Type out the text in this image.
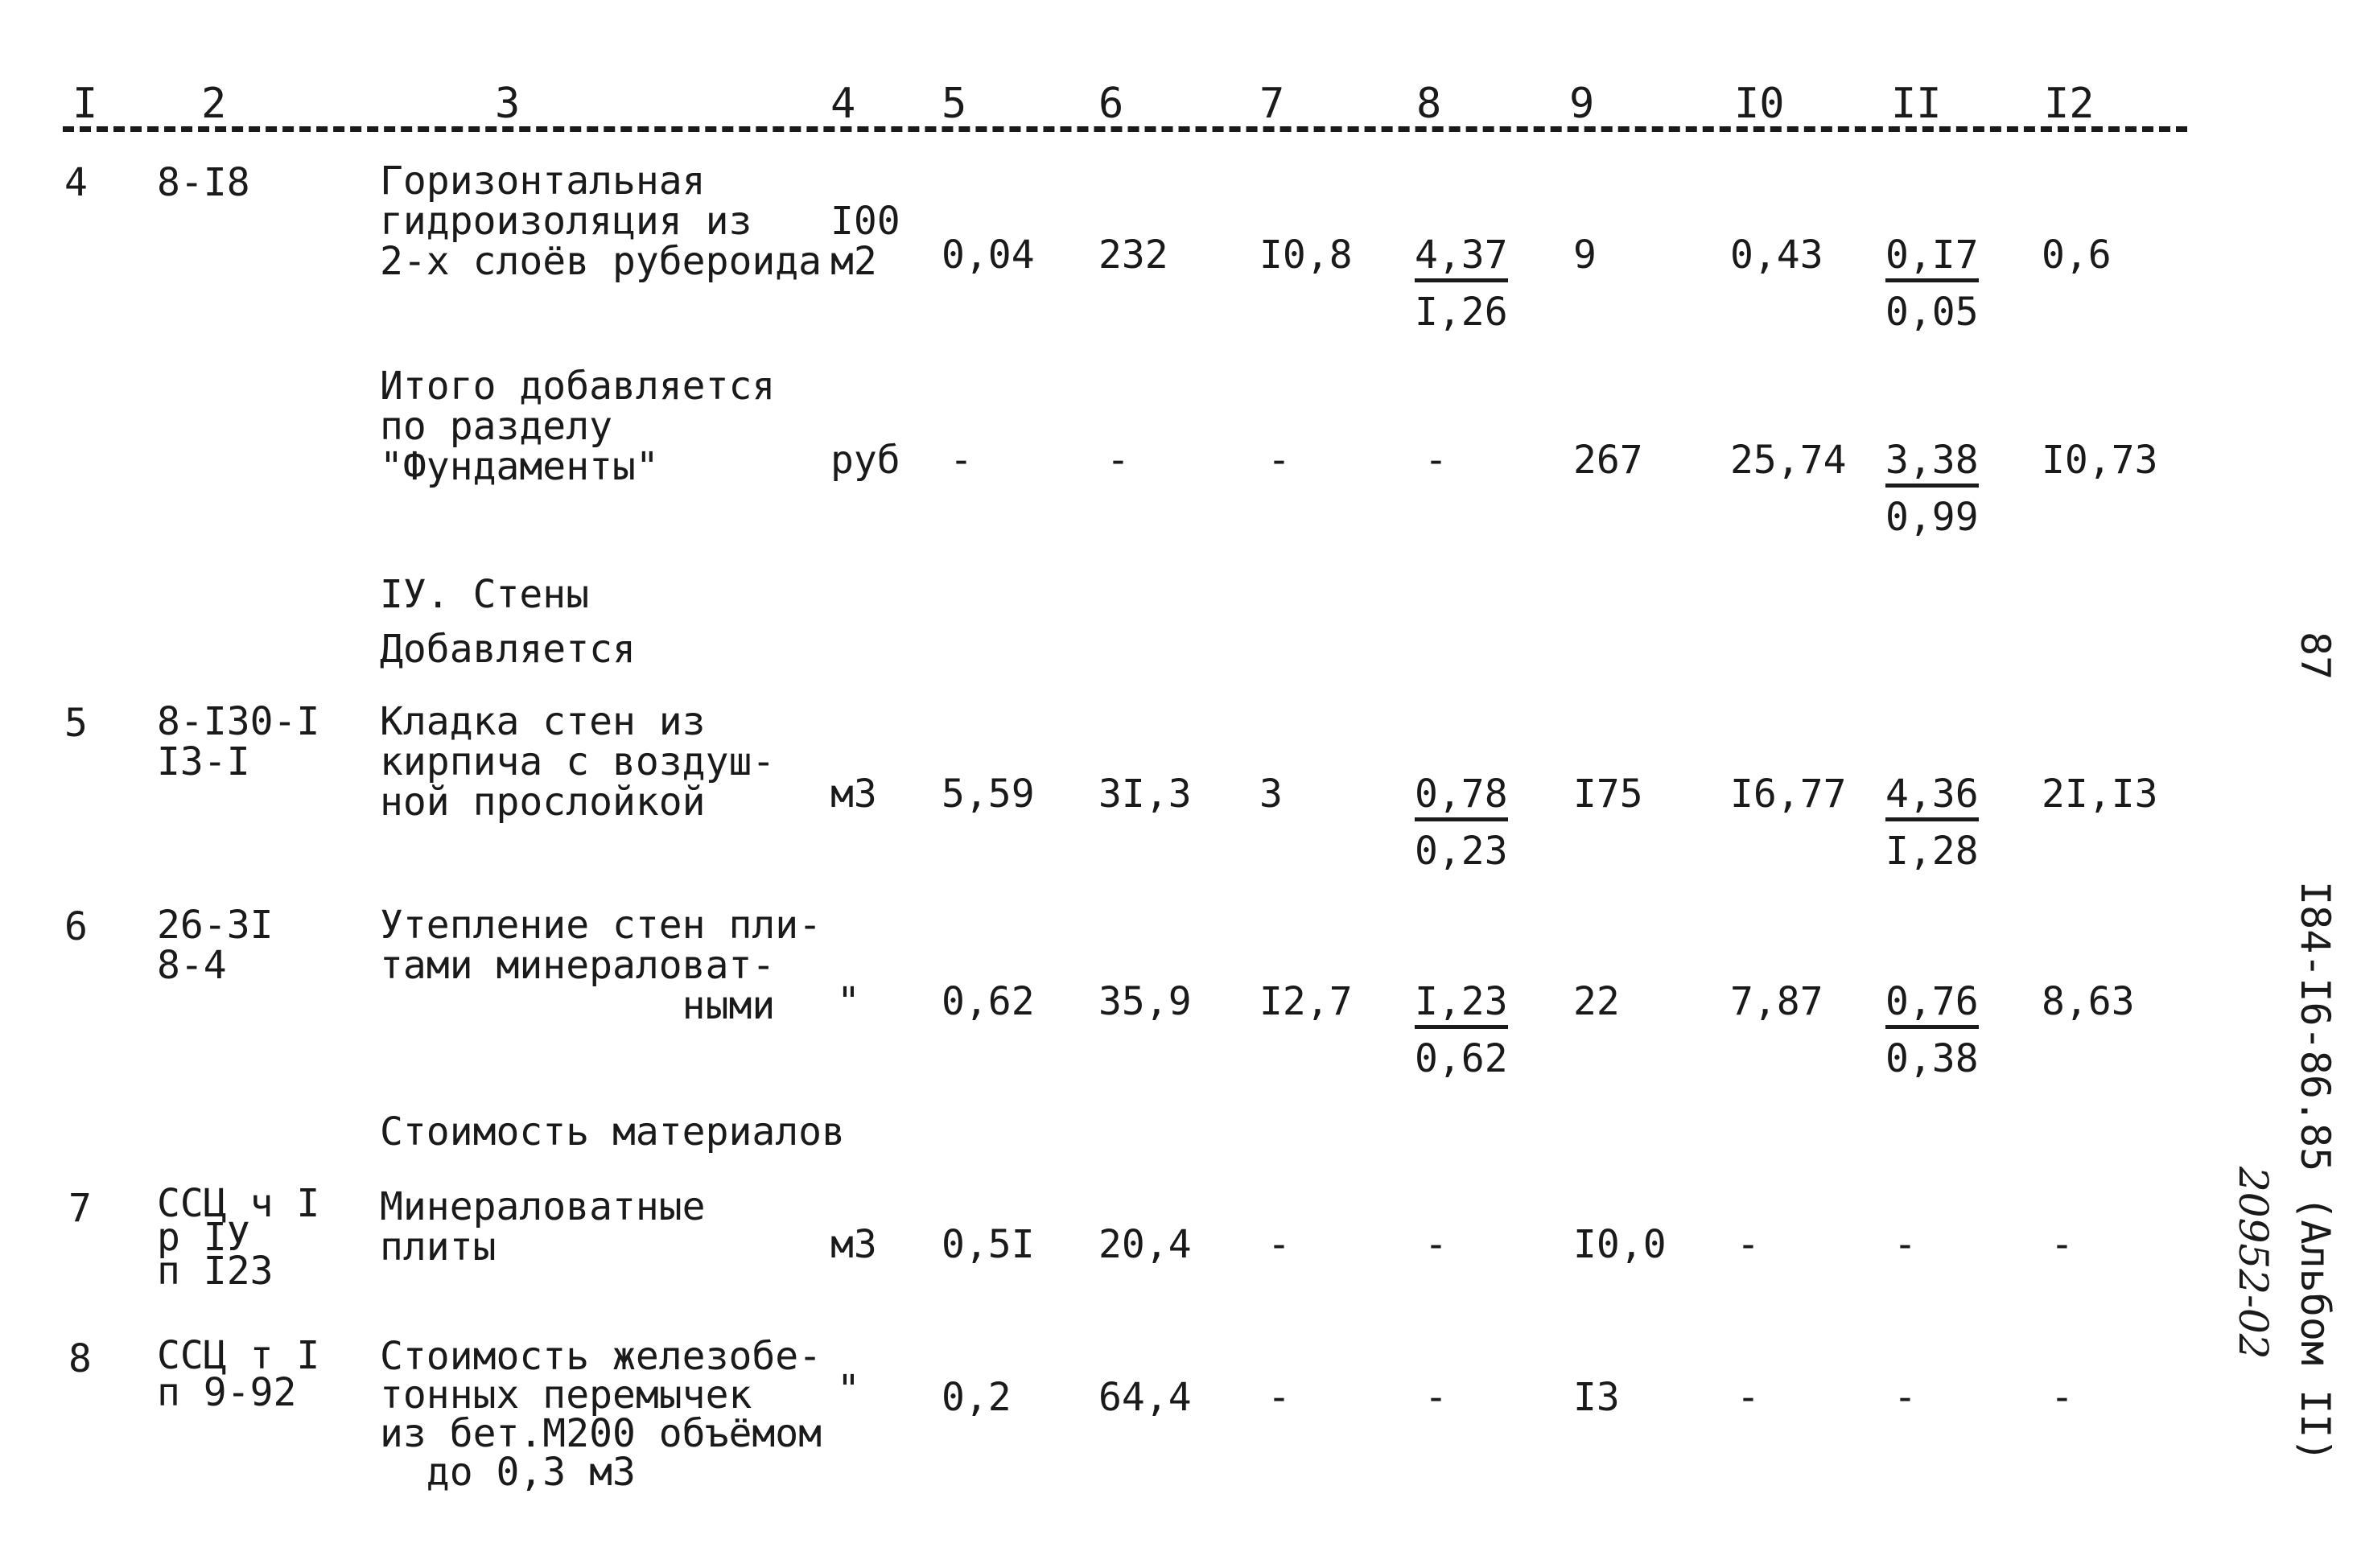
I 2	3	4 5	6	7	8	9	I0	II I2
4 8-I8	Горизонтальная
гидроизоляция из
2-х слоёв рубероида
I00
м2	0,04 232 $I0,8 \frac{4,37}{I,26} 9$	$0,43 \frac{0,I7}{0,05} 0,6$
Итого добавляется
по разделу
"Фундаменты"	руб -	-	-	-	267 $25,74 \frac{3,38}{0,99} I0,73$
IУ. Стены
Добавляется
5 8-I30-I
I3-I
Кладка стен из
кирпича с воздуш-
ной прослойкой	м3 5,59 3I,3 3	$\frac{0,78}{0,23} I75$ $I6,77 \frac{4,36}{I,28} 2I,I3$
6 26-3I
8-4
Утепление стен пли-
тами минераловат-
ными	" 0,62 35,9 $I2,7 \frac{I,23}{0,62} 22$	$7,87 \frac{0,76}{0,38} 8,63$
Стоимость материалов
7 ССЦ ч I
р IУ
п I23
Минераловатные
плиты	м3 0,5I 20,4 -	-	I0,0 -	-	-
8 ССЦ т I
п 9-92
Стоимость железобе-
тонных перемычек
из бет.М200 объёмом
до 0,3 м3
" 0,2 64,4 -	-	I3	-	-	-
87
I84-I6-86.85 (Альбом II)
20952-02
